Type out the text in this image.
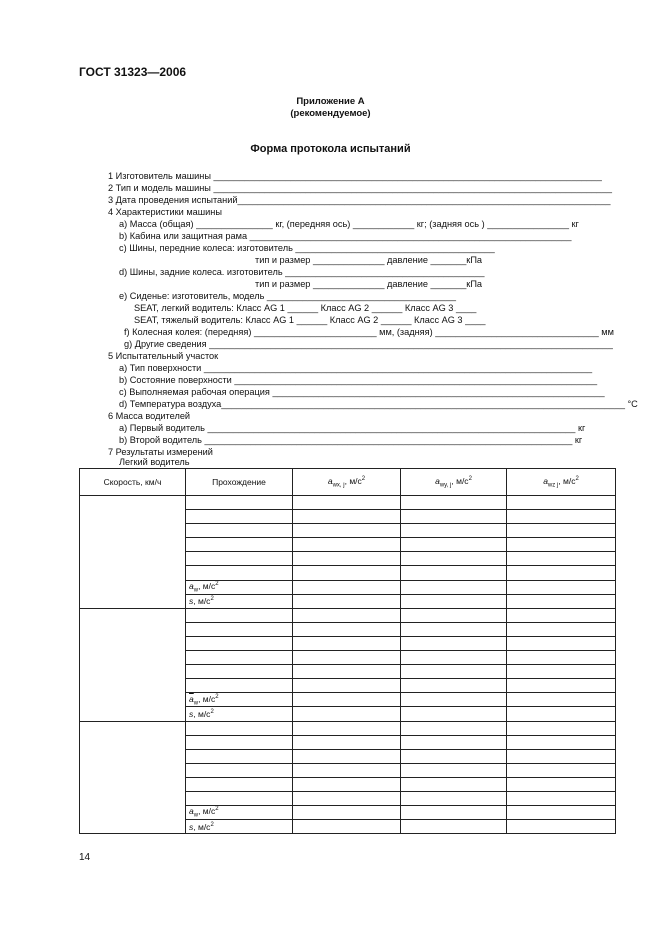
ГОСТ 31323—2006
Приложение А
(рекомендуемое)
Форма протокола испытаний
1 Изготовитель машины ____________________________________________________________________________
2 Тип и модель машины ______________________________________________________________________________
3 Дата проведения испытаний_________________________________________________________________________
4 Характеристики машины
a) Масса (общая) _______________ кг, (передняя ось) ____________ кг; (задняя ось ) ________________ кг
b) Кабина или защитная рама _______________________________________________________________
c) Шины, передние колеса: изготовитель _______________________________________
тип и размер ______________ давление _______кПа
d) Шины, задние колеса. изготовитель _______________________________________
тип и размер ______________ давление _______кПа
e) Сиденье: изготовитель, модель _____________________________________
SEAT, легкий водитель: Класс AG 1 ______ Класс AG 2 ______ Класс AG 3 ____
SEAT, тяжелый водитель: Класс AG 1 ______ Класс AG 2 ______ Класс AG 3 ____
f) Колесная колея: (передняя) ________________________ мм, (задняя) ________________________________ мм
g) Другие сведения _______________________________________________________________________________
5 Испытательный участок
a) Тип поверхности ____________________________________________________________________________
b) Состояние поверхности _______________________________________________________________________
c) Выполняемая рабочая операция _________________________________________________________________
d) Температура воздуха_______________________________________________________________________________ °С
6 Масса водителей
a) Первый водитель ________________________________________________________________________ кг
b) Второй водитель ________________________________________________________________________ кг
7 Результаты измерений
Легкий водитель
Скорость, км/ч	Прохождение	$a_{wx, j}$, $м/с^2$	$a_{wy, j}$, $м/с^2$	$a_{wz j}$, $м/с^2$

	$\overline{a}_w$, $м/с^2$			
	s, $м/с^2$			

	$\overline{a}_w$, $м/с^2$			
	s, $м/с^2$			

	$\overline{a}_w$, $м/с^2$			
	s, $м/с^2$			
14
